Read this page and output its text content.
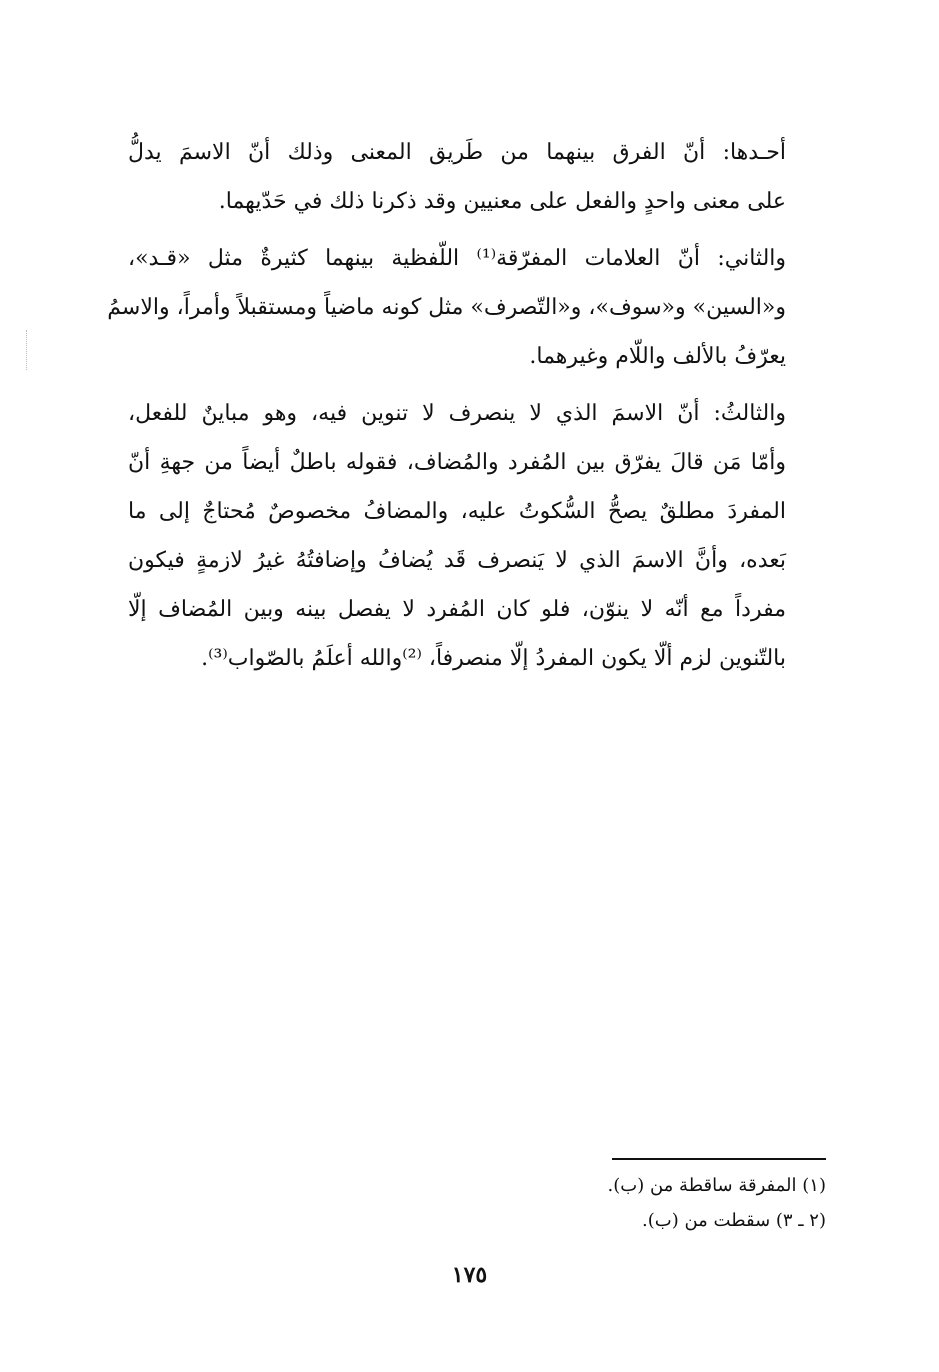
أحـدها: أنّ الفرق بينهما من طَريق المعنى وذلك أنّ الاسمَ يدلُّ
على معنى واحدٍ والفعل على معنيين وقد ذكرنا ذلك في حَدّيهما.

والثاني: أنّ العلامات المفرّقة⁽¹⁾ اللّفظية بينهما كثيرةٌ مثل «قـد»،
و«السين» و«سوف»، و«التّصرف» مثل كونه ماضياً ومستقبلاً وأمراً، والاسمُ
يعرّفُ بالألف واللّام وغيرهما.

والثالثُ: أنّ الاسمَ الذي لا ينصرف لا تنوين فيه، وهو مباينٌ للفعل،
وأمّا مَن قالَ يفرّق بين المُفرد والمُضاف، فقوله باطلٌ أيضاً من جهةِ أنّ
المفردَ مطلقٌ يصحُّ السُّكوتُ عليه، والمضافُ مخصوصٌ مُحتاجٌ إلى ما
بَعده، وأنَّ الاسمَ الذي لا يَنصرف قَد يُضافُ وإضافتُهُ غيرُ لازمةٍ فيكون
مفرداً مع أنّه لا ينوّن، فلو كان المُفرد لا يفصل بينه وبين المُضاف إلّا
بالتّنوين لزم ألّا يكون المفردُ إلّا منصرفاً، ⁽²⁾والله أعلَمُ بالصّواب⁽³⁾.

(١) المفرقة ساقطة من (ب).
(٢ ـ ٣) سقطت من (ب).
١٧٥
